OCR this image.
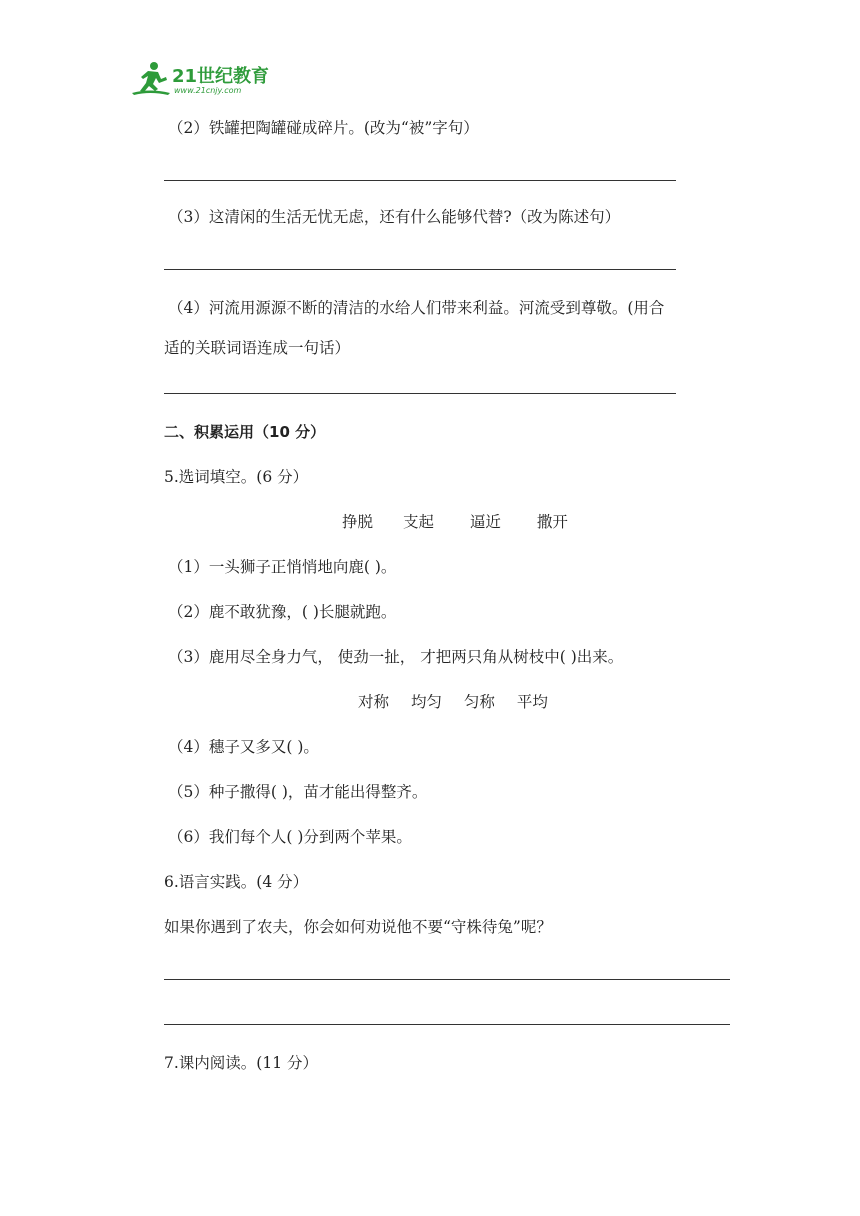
21世纪教育
www.21cnjy.com
（2）铁罐把陶罐碰成碎片。(改为“被”字句）
（3）这清闲的生活无忧无虑，还有什么能够代替?（改为陈述句）
（4）河流用源源不断的清洁的水给人们带来利益。河流受到尊敬。(用合
适的关联词语连成一句话）
二、积累运用（10 分）
5.选词填空。(6 分）
挣脱 支起 逼近 撒开
（1）一头狮子正悄悄地向鹿( )。
（2）鹿不敢犹豫，( )长腿就跑。
（3）鹿用尽全身力气， 使劲一扯， 才把两只角从树枝中( )出来。
对称 均匀 匀称 平均
（4）穗子又多又( )。
（5）种子撒得( )，苗才能出得整齐。
（6）我们每个人( )分到两个苹果。
6.语言实践。(4 分）
如果你遇到了农夫，你会如何劝说他不要“守株待兔”呢？
7.课内阅读。(11 分）
